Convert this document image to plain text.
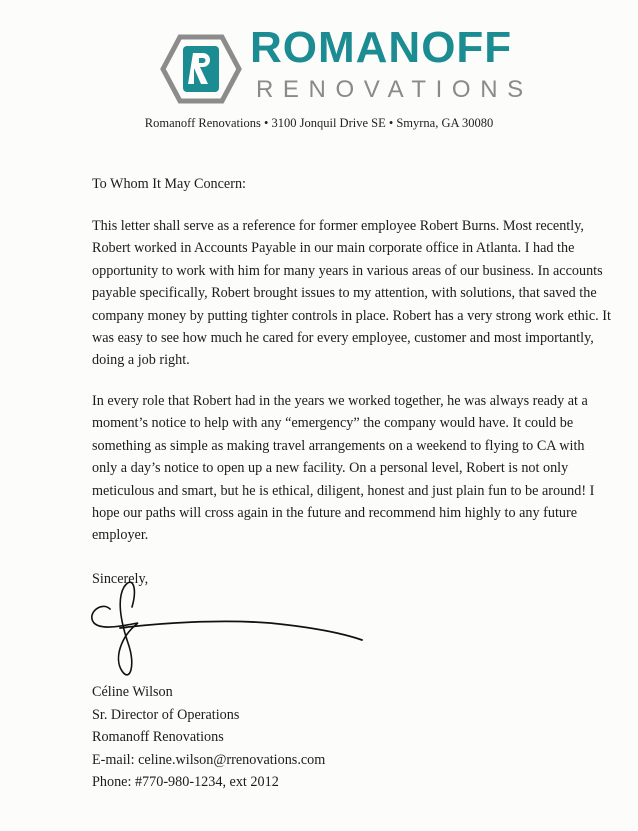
ROMANOFF
RENOVATIONS
Romanoff Renovations • 3100 Jonquil Drive SE • Smyrna, GA 30080
To Whom It May Concern:
This letter shall serve as a reference for former employee Robert Burns. Most recently, Robert worked in Accounts Payable in our main corporate office in Atlanta. I had the opportunity to work with him for many years in various areas of our business. In accounts payable specifically, Robert brought issues to my attention, with solutions, that saved the company money by putting tighter controls in place. Robert has a very strong work ethic. It was easy to see how much he cared for every employee, customer and most importantly, doing a job right.
In every role that Robert had in the years we worked together, he was always ready at a moment’s notice to help with any “emergency” the company would have. It could be something as simple as making travel arrangements on a weekend to flying to CA with only a day’s notice to open up a new facility. On a personal level, Robert is not only meticulous and smart, but he is ethical, diligent, honest and just plain fun to be around! I hope our paths will cross again in the future and recommend him highly to any future employer.
Sincerely,
Céline Wilson
Sr. Director of Operations
Romanoff Renovations
E-mail: celine.wilson@rrenovations.com
Phone: #770-980-1234, ext 2012
